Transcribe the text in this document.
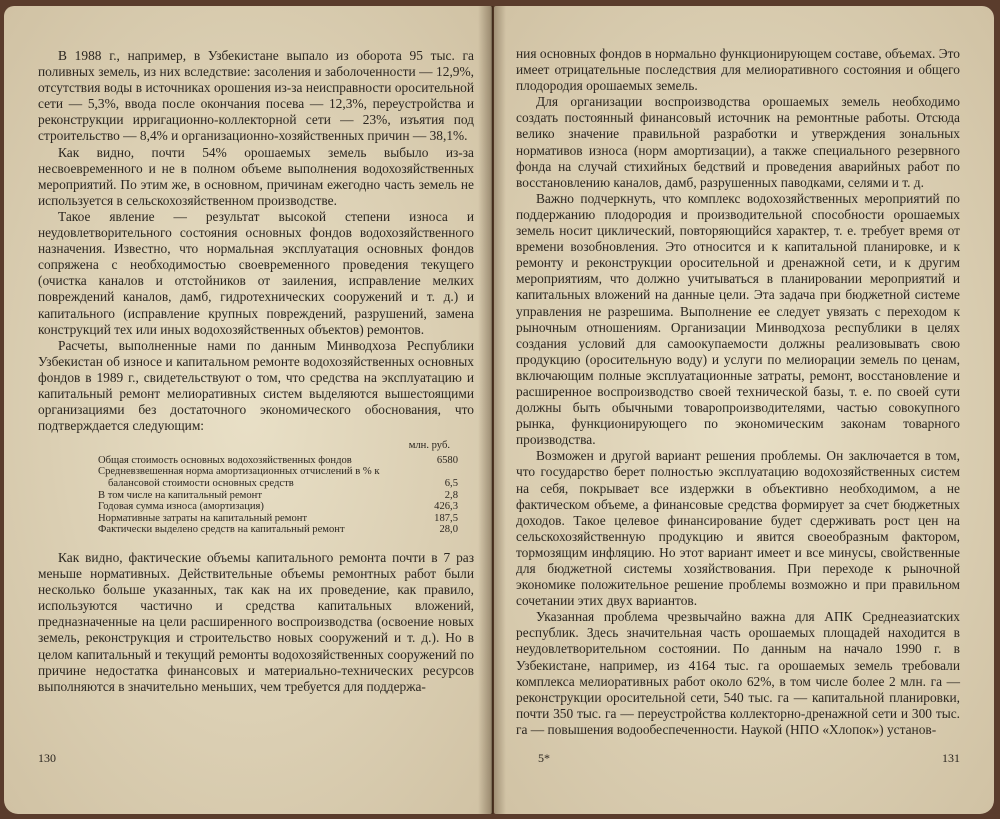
В 1988 г., например, в Узбекистане выпало из оборота 95 тыс. га поливных земель, из них вследствие: засоления и заболоченности — 12,9%, отсутствия воды в источниках орошения из-за неисправности оросительной сети — 5,3%, ввода после окончания посева — 12,3%, переустройства и реконструкции ирригационно-коллекторной сети — 23%, изъятия под строительство — 8,4% и организационно-хозяйственных причин — 38,1%.

Как видно, почти 54% орошаемых земель выбыло из-за несвоевременного и не в полном объеме выполнения водохозяйственных мероприятий. По этим же, в основном, причинам ежегодно часть земель не используется в сельскохозяйственном производстве.

Такое явление — результат высокой степени износа и неудовлетворительного состояния основных фондов водохозяйственного назначения. Известно, что нормальная эксплуатация основных фондов сопряжена с необходимостью своевременного проведения текущего (очистка каналов и отстойников от заиления, исправление мелких повреждений каналов, дамб, гидротехнических сооружений и т. д.) и капитального (исправление крупных повреждений, разрушений, замена конструкций тех или иных водохозяйственных объектов) ремонтов.

Расчеты, выполненные нами по данным Минводхоза Республики Узбекистан об износе и капитальном ремонте водохозяйственных основных фондов в 1989 г., свидетельствуют о том, что средства на эксплуатацию и капитальный ремонт мелиоративных систем выделяются вышестоящими организациями без достаточного экономического обоснования, что подтверждается следующим:

млн. руб.
Общая стоимость основных водохозяйственных фондов	6580
Средневзвешенная норма амортизационных отчислений в % к балансовой стоимости основных средств	6,5
В том числе на капитальный ремонт	2,8
Годовая сумма износа (амортизация)	426,3
Нормативные затраты на капитальный ремонт	187,5
Фактически выделено средств на капитальный ремонт	28,0

Как видно, фактические объемы капитального ремонта почти в 7 раз меньше нормативных. Действительные объемы ремонтных работ были несколько больше указанных, так как на их проведение, как правило, используются частично и средства капитальных вложений, предназначенные на цели расширенного воспроизводства (освоение новых земель, реконструкция и строительство новых сооружений и т. д.). Но в целом капитальный и текущий ремонты водохозяйственных сооружений по причине недостатка финансовых и материально-технических ресурсов выполняются в значительно меньших, чем требуется для поддержа-

130

ния основных фондов в нормально функционирующем составе, объемах. Это имеет отрицательные последствия для мелиоративного состояния и общего плодородия орошаемых земель.

Для организации воспроизводства орошаемых земель необходимо создать постоянный финансовый источник на ремонтные работы. Отсюда велико значение правильной разработки и утверждения зональных нормативов износа (норм амортизации), а также специального резервного фонда на случай стихийных бедствий и проведения аварийных работ по восстановлению каналов, дамб, разрушенных паводками, селями и т. д.

Важно подчеркнуть, что комплекс водохозяйственных мероприятий по поддержанию плодородия и производительной способности орошаемых земель носит циклический, повторяющийся характер, т. е. требует время от времени возобновления. Это относится и к капитальной планировке, и к ремонту и реконструкции оросительной и дренажной сети, и к другим мероприятиям, что должно учитываться в планировании мероприятий и капитальных вложений на данные цели. Эта задача при бюджетной системе управления не разрешима. Выполнение ее следует увязать с переходом к рыночным отношениям. Организации Минводхоза республики в целях создания условий для самоокупаемости должны реализовывать свою продукцию (оросительную воду) и услуги по мелиорации земель по ценам, включающим полные эксплуатационные затраты, ремонт, восстановление и расширенное воспроизводство своей технической базы, т. е. по своей сути должны быть обычными товаропроизводителями, частью совокупного рынка, функционирующего по экономическим законам товарного производства.

Возможен и другой вариант решения проблемы. Он заключается в том, что государство берет полностью эксплуатацию водохозяйственных систем на себя, покрывает все издержки в объективно необходимом, а не фактическом объеме, а финансовые средства формирует за счет бюджетных доходов. Такое целевое финансирование будет сдерживать рост цен на сельскохозяйственную продукцию и явится своеобразным фактором, тормозящим инфляцию. Но этот вариант имеет и все минусы, свойственные для бюджетной системы хозяйствования. При переходе к рыночной экономике положительное решение проблемы возможно и при правильном сочетании этих двух вариантов.

Указанная проблема чрезвычайно важна для АПК Среднеазиатских республик. Здесь значительная часть орошаемых площадей находится в неудовлетворительном состоянии. По данным на начало 1990 г. в Узбекистане, например, из 4164 тыс. га орошаемых земель требовали комплекса мелиоративных работ около 62%, в том числе более 2 млн. га — реконструкции оросительной сети, 540 тыс. га — капитальной планировки, почти 350 тыс. га — переустройства коллекторно-дренажной сети и 300 тыс. га — повышения водообеспеченности. Наукой (НПО «Хлопок») установ-

5*	131
